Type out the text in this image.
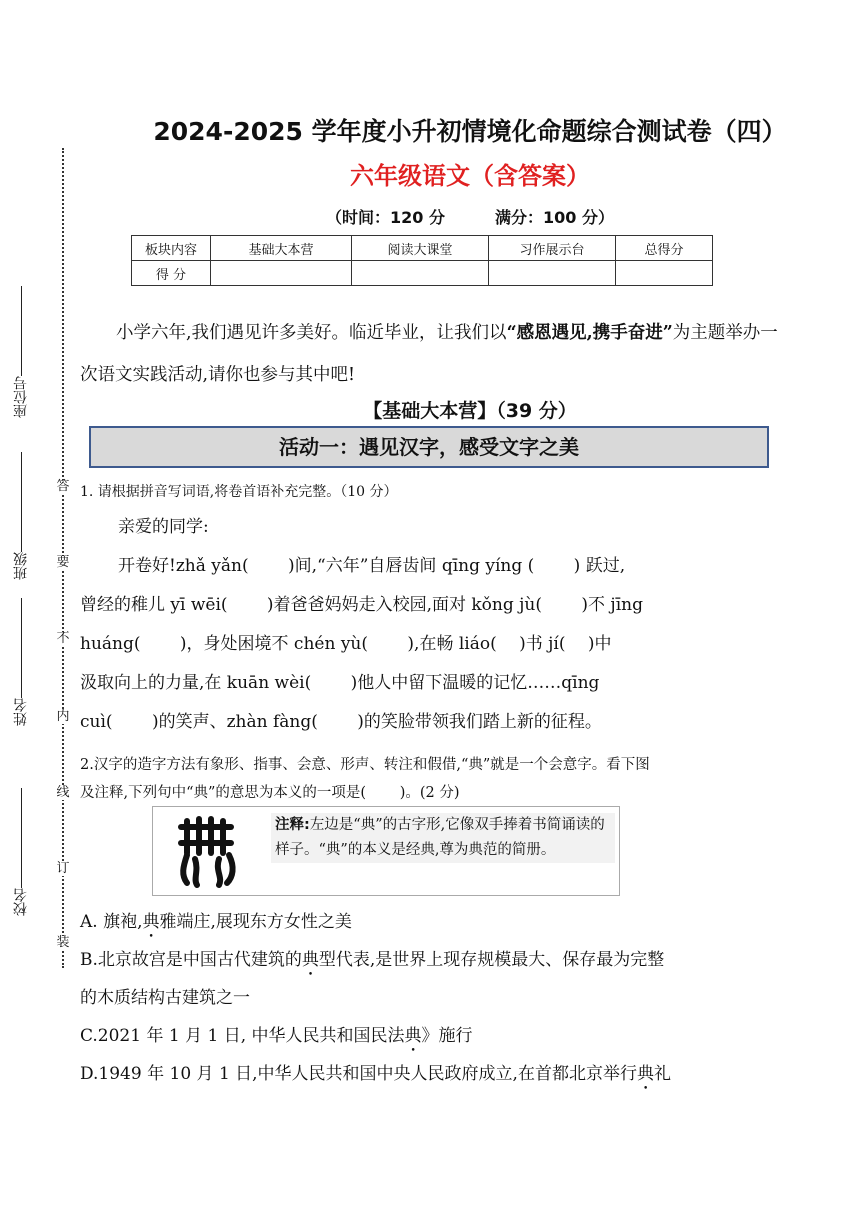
答
要
不
内
线
订
装
座位号
班级
姓名
校名
2024-2025 学年度小升初情境化命题综合测试卷（四）
六年级语文（含答案）
（时间：120 分	满分：100 分）
板块内容	基础大本营	阅读大课堂	习作展示台	总得分
得 分				
小学六年,我们遇见许多美好。临近毕业，让我们以“感恩遇见,携手奋进”为主题举办一次语文实践活动,请你也参与其中吧!
【基础大本营】（39 分）
活动一：遇见汉字，感受文字之美
1. 请根据拼音写词语,将卷首语补充完整。（10 分）
亲爱的同学:
开卷好!zhǎ yǎn(　　 )间,“六年”自唇齿间 qīng yíng (　　 ) 跃过,
曾经的稚儿 yī wēi(　　 )着爸爸妈妈走入校园,面对 kǒng jù(　　 )不 jīng
huáng(　　 )，身处困境不 chén yù(　　 ),在畅 liáo(　 )书 jí(　 )中
汲取向上的力量,在 kuān wèi(　　 )他人中留下温暖的记忆……qīng
cuì(　　 )的笑声、zhàn fàng(　　 )的笑脸带领我们踏上新的征程。
2.汉字的造字方法有象形、指事、会意、形声、转注和假借,“典”就是一个会意字。看下图
及注释,下列句中“典”的意思为本义的一项是(　　 )。(2 分)
注释:左边是“典”的古字形,它像双手捧着书简诵读的样子。“典”的本义是经典,尊为典范的简册。
A. 旗袍,典雅端庄,展现东方女性之美
B.北京故宫是中国古代建筑的典型代表,是世界上现存规模最大、保存最为完整
的木质结构古建筑之一
C.2021 年 1 月 1 日, 中华人民共和国民法典》施行
D.1949 年 10 月 1 日,中华人民共和国中央人民政府成立,在首都北京举行典礼
